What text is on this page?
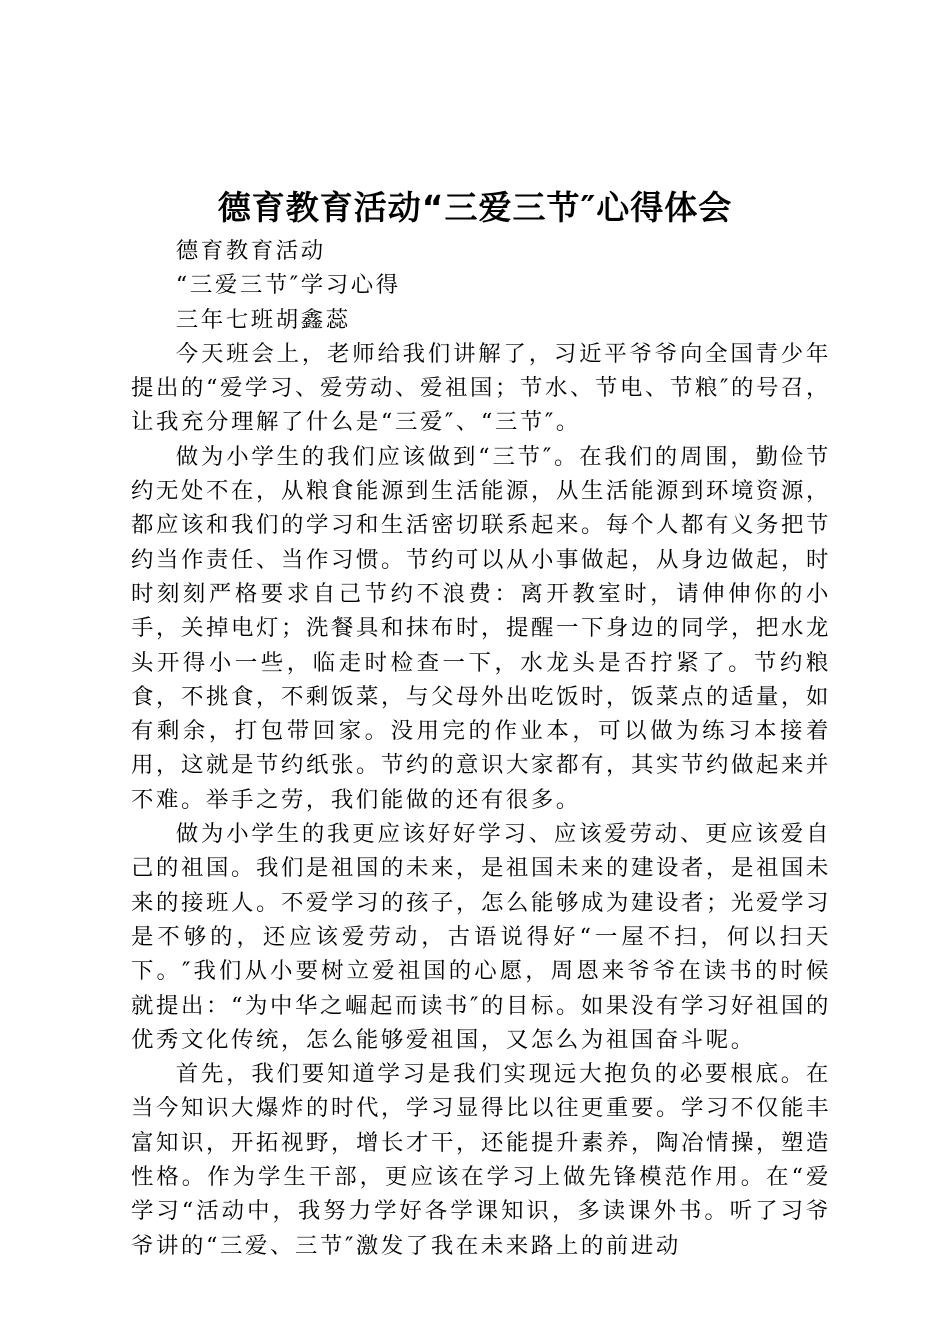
德育教育活动“三爱三节″心得体会

德育教育活动

“三爱三节″学习心得

三年七班胡鑫蕊

今天班会上，老师给我们讲解了，习近平爷爷向全国青少年提出的“爱学习、爱劳动、爱祖国；节水、节电、节粮″的号召，让我充分理解了什么是“三爱″、“三节″。

做为小学生的我们应该做到“三节″。在我们的周围，勤俭节约无处不在，从粮食能源到生活能源，从生活能源到环境资源，都应该和我们的学习和生活密切联系起来。每个人都有义务把节约当作责任、当作习惯。节约可以从小事做起，从身边做起，时时刻刻严格要求自己节约不浪费：离开教室时，请伸伸你的小手，关掉电灯；洗餐具和抹布时，提醒一下身边的同学，把水龙头开得小一些，临走时检查一下，水龙头是否拧紧了。节约粮食，不挑食，不剩饭菜，与父母外出吃饭时，饭菜点的适量，如有剩余，打包带回家。没用完的作业本，可以做为练习本接着用，这就是节约纸张。节约的意识大家都有，其实节约做起来并不难。举手之劳，我们能做的还有很多。

做为小学生的我更应该好好学习、应该爱劳动、更应该爱自己的祖国。我们是祖国的未来，是祖国未来的建设者，是祖国未来的接班人。不爱学习的孩子，怎么能够成为建设者；光爱学习是不够的，还应该爱劳动，古语说得好“一屋不扫，何以扫天下。″我们从小要树立爱祖国的心愿，周恩来爷爷在读书的时候就提出：“为中华之崛起而读书″的目标。如果没有学习好祖国的优秀文化传统，怎么能够爱祖国，又怎么为祖国奋斗呢。

首先，我们要知道学习是我们实现远大抱负的必要根底。在当今知识大爆炸的时代，学习显得比以往更重要。学习不仅能丰富知识，开拓视野，增长才干，还能提升素养，陶冶情操，塑造性格。作为学生干部，更应该在学习上做先锋模范作用。在“爱学习“活动中，我努力学好各学课知识，多读课外书。听了习爷爷讲的“三爱、三节″激发了我在未来路上的前进动
